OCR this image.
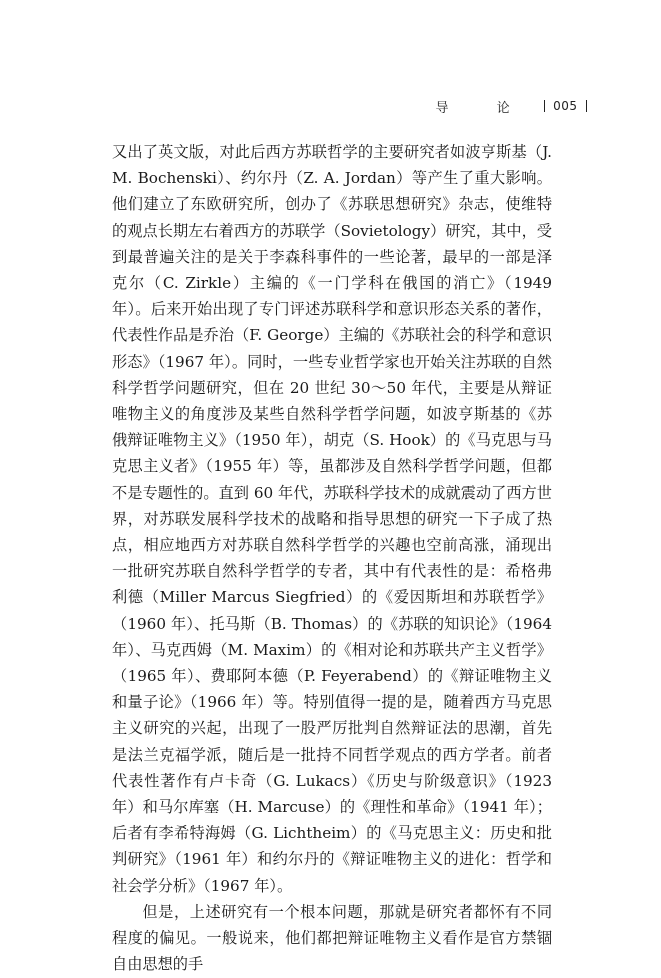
导 论 005

又出了英文版，对此后西方苏联哲学的主要研究者如波亨斯基（J. M. Bochenski）、约尔丹（Z. A. Jordan）等产生了重大影响。他们建立了东欧研究所，创办了《苏联思想研究》杂志，使维特的观点长期左右着西方的苏联学（Sovietology）研究，其中，受到最普遍关注的是关于李森科事件的一些论著，最早的一部是泽克尔（C. Zirkle）主编的《一门学科在俄国的消亡》（1949 年）。后来开始出现了专门评述苏联科学和意识形态关系的著作，代表性作品是乔治（F. George）主编的《苏联社会的科学和意识形态》（1967 年）。同时，一些专业哲学家也开始关注苏联的自然科学哲学问题研究，但在 20 世纪 30～50 年代，主要是从辩证唯物主义的角度涉及某些自然科学哲学问题，如波亨斯基的《苏俄辩证唯物主义》（1950 年），胡克（S. Hook）的《马克思与马克思主义者》（1955 年）等，虽都涉及自然科学哲学问题，但都不是专题性的。直到 60 年代，苏联科学技术的成就震动了西方世界，对苏联发展科学技术的战略和指导思想的研究一下子成了热点，相应地西方对苏联自然科学哲学的兴趣也空前高涨，涌现出一批研究苏联自然科学哲学的专者，其中有代表性的是：希格弗利德（Miller Marcus Siegfried）的《爱因斯坦和苏联哲学》（1960 年）、托马斯（B. Thomas）的《苏联的知识论》（1964 年）、马克西姆（M. Maxim）的《相对论和苏联共产主义哲学》（1965 年）、费耶阿本德（P. Feyerabend）的《辩证唯物主义和量子论》（1966 年）等。特别值得一提的是，随着西方马克思主义研究的兴起，出现了一股严厉批判自然辩证法的思潮，首先是法兰克福学派，随后是一批持不同哲学观点的西方学者。前者代表性著作有卢卡奇（G. Lukacs）《历史与阶级意识》（1923 年）和马尔库塞（H. Marcuse）的《理性和革命》（1941 年）；后者有李希特海姆（G. Lichtheim）的《马克思主义：历史和批判研究》（1961 年）和约尔丹的《辩证唯物主义的进化：哲学和社会学分析》（1967 年）。

但是，上述研究有一个根本问题，那就是研究者都怀有不同程度的偏见。一般说来，他们都把辩证唯物主义看作是官方禁锢自由思想的手
